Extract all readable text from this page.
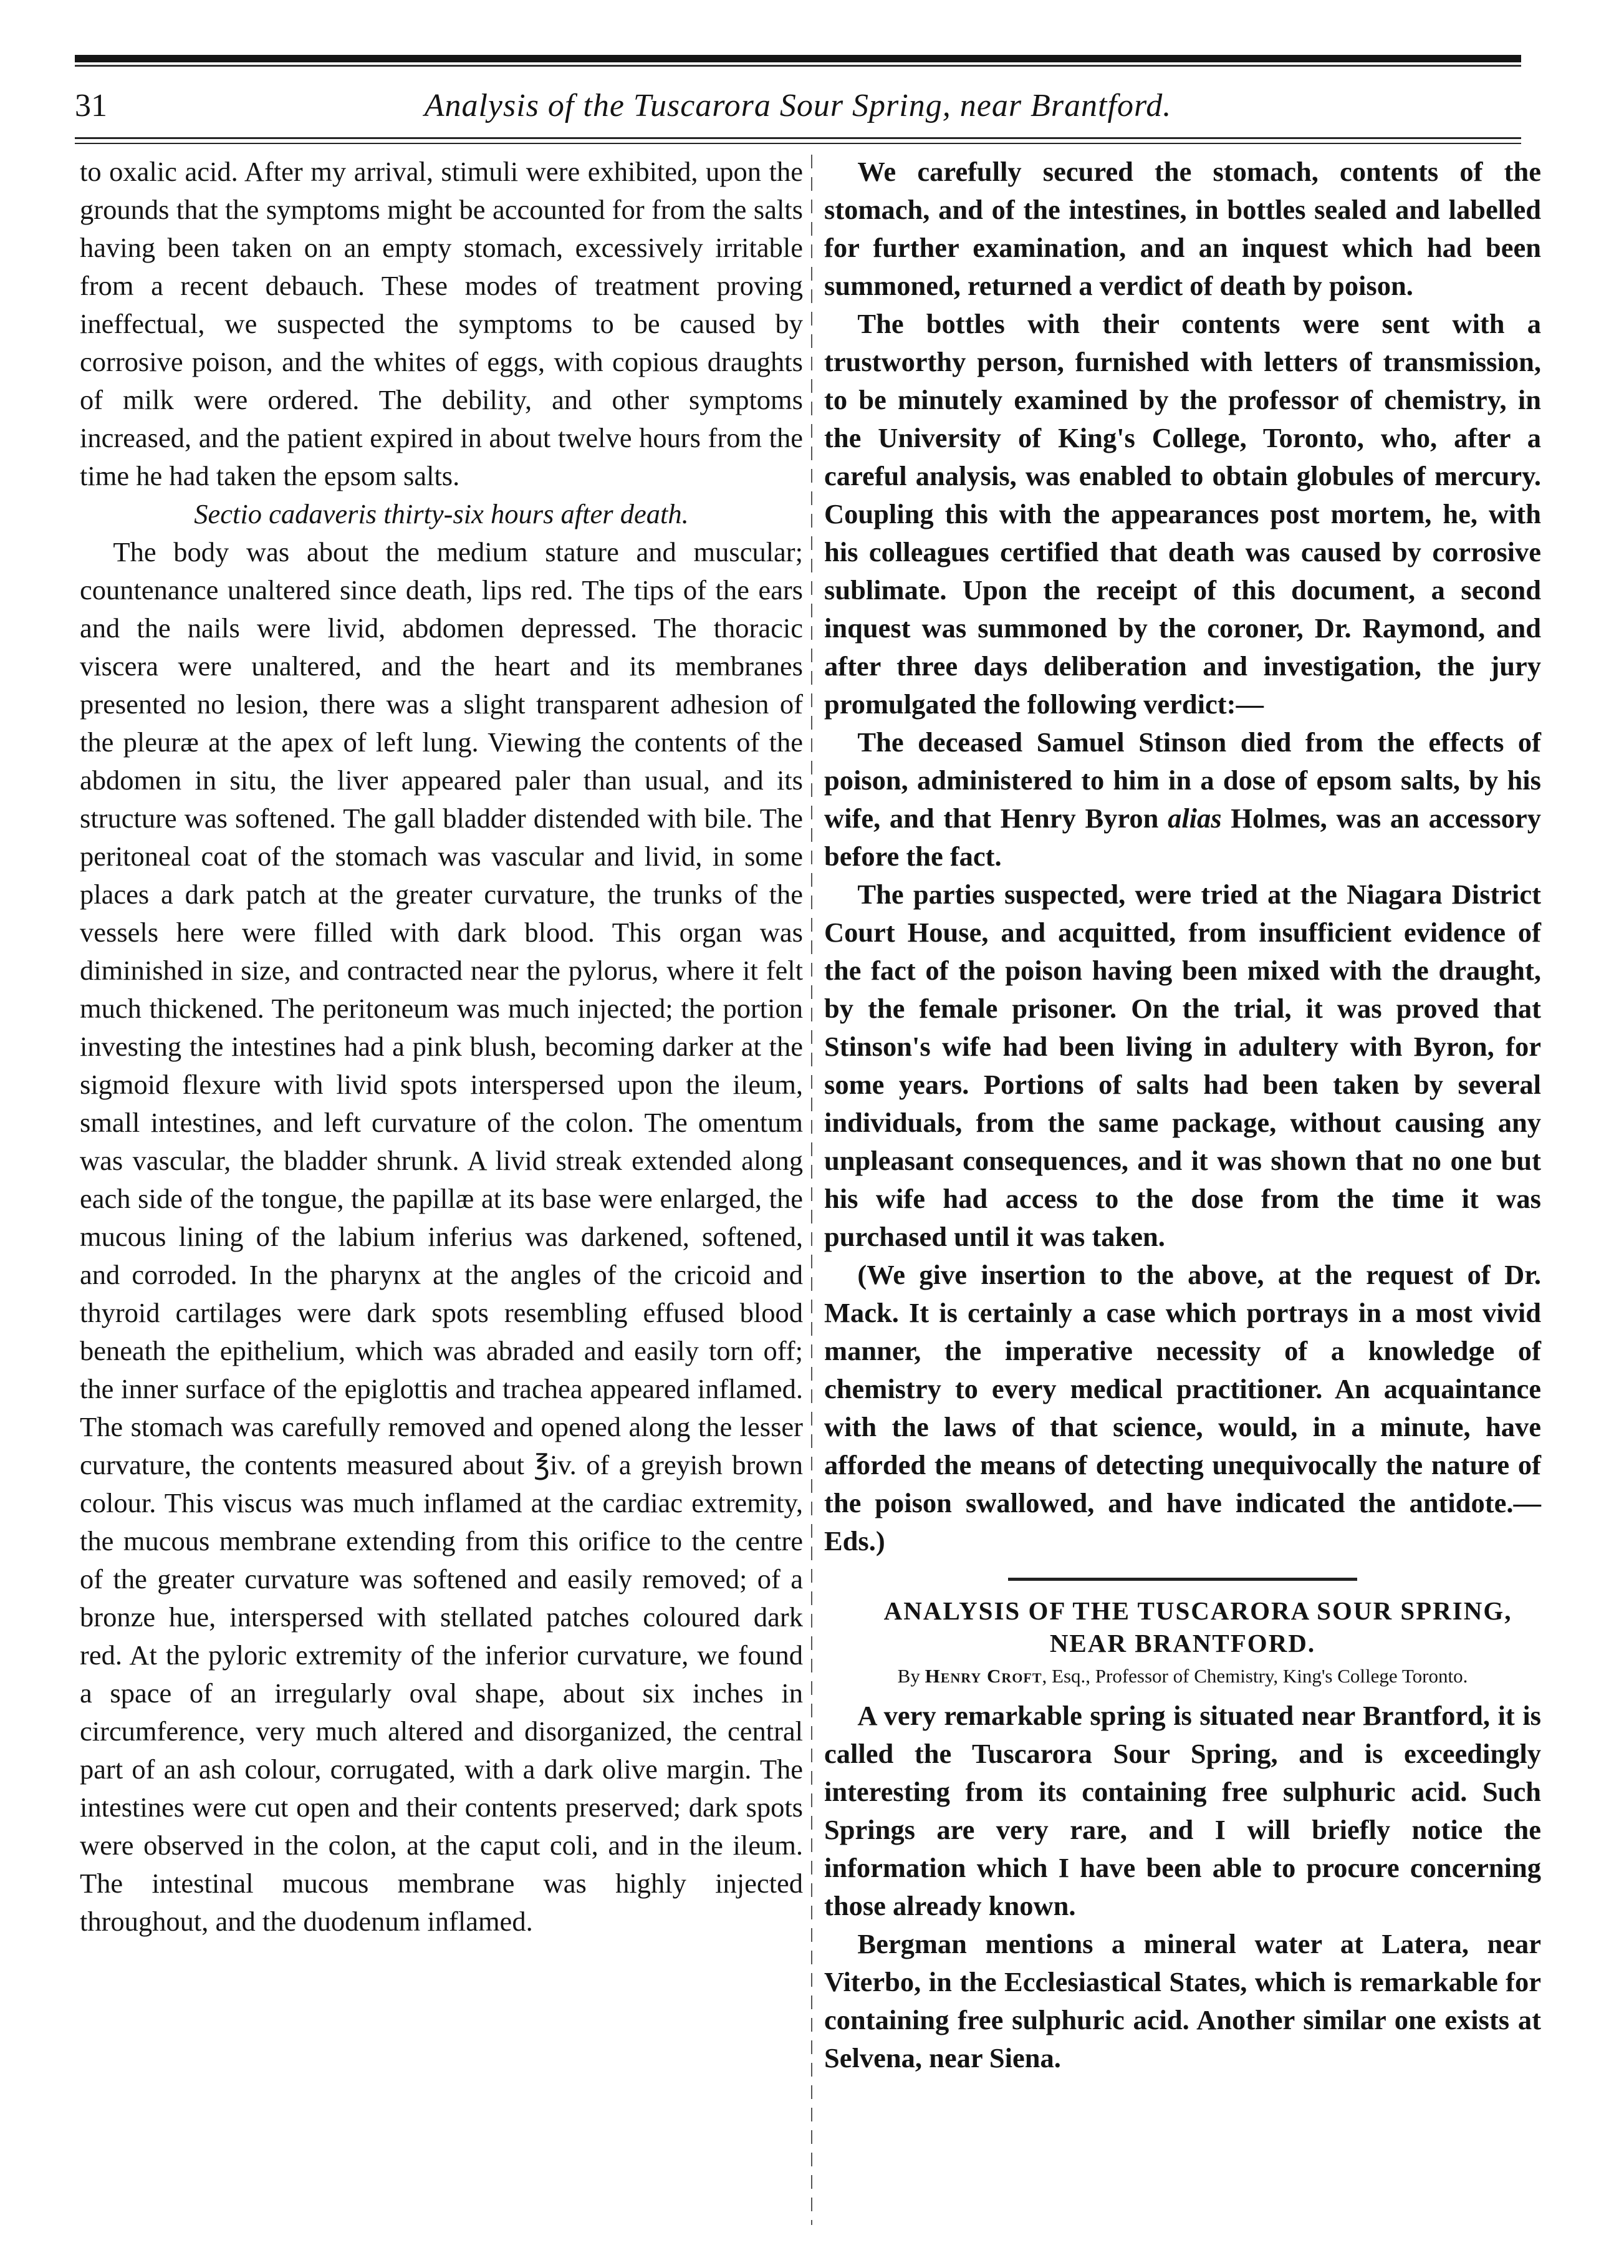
31	Analysis of the Tuscarora Sour Spring, near Brantford.

to oxalic acid. After my arrival, stimuli were exhibited, upon the grounds that the symptoms might be accounted for from the salts having been taken on an empty stomach, excessively irritable from a recent debauch. These modes of treatment proving ineffectual, we suspected the symptoms to be caused by corrosive poison, and the whites of eggs, with copious draughts of milk were ordered. The debility, and other symptoms increased, and the patient expired in about twelve hours from the time he had taken the epsom salts.

Sectio cadaveris thirty-six hours after death.

The body was about the medium stature and muscular; countenance unaltered since death, lips red. The tips of the ears and the nails were livid, abdomen depressed. The thoracic viscera were unaltered, and the heart and its membranes presented no lesion, there was a slight transparent adhesion of the pleuræ at the apex of left lung. Viewing the contents of the abdomen in situ, the liver appeared paler than usual, and its structure was softened. The gall bladder distended with bile. The peritoneal coat of the stomach was vascular and livid, in some places a dark patch at the greater curvature, the trunks of the vessels here were filled with dark blood. This organ was diminished in size, and contracted near the pylorus, where it felt much thickened. The peritoneum was much injected; the portion investing the intestines had a pink blush, becoming darker at the sigmoid flexure with livid spots interspersed upon the ileum, small intestines, and left curvature of the colon. The omentum was vascular, the bladder shrunk. A livid streak extended along each side of the tongue, the papillæ at its base were enlarged, the mucous lining of the labium inferius was darkened, softened, and corroded. In the pharynx at the angles of the cricoid and thyroid cartilages were dark spots resembling effused blood beneath the epithelium, which was abraded and easily torn off; the inner surface of the epiglottis and trachea appeared inflamed. The stomach was carefully removed and opened along the lesser curvature, the contents measured about ℥iv. of a greyish brown colour. This viscus was much inflamed at the cardiac extremity, the mucous membrane extending from this orifice to the centre of the greater curvature was softened and easily removed; of a bronze hue, interspersed with stellated patches coloured dark red. At the pyloric extremity of the inferior curvature, we found a space of an irregularly oval shape, about six inches in circumference, very much altered and disorganized, the central part of an ash colour, corrugated, with a dark olive margin. The intestines were cut open and their contents preserved; dark spots were observed in the colon, at the caput coli, and in the ileum. The intestinal mucous membrane was highly injected throughout, and the duodenum inflamed.

We carefully secured the stomach, contents of the stomach, and of the intestines, in bottles sealed and labelled for further examination, and an inquest which had been summoned, returned a verdict of death by poison.

The bottles with their contents were sent with a trustworthy person, furnished with letters of transmission, to be minutely examined by the professor of chemistry, in the University of King's College, Toronto, who, after a careful analysis, was enabled to obtain globules of mercury. Coupling this with the appearances post mortem, he, with his colleagues certified that death was caused by corrosive sublimate. Upon the receipt of this document, a second inquest was summoned by the coroner, Dr. Raymond, and after three days deliberation and investigation, the jury promulgated the following verdict:—

The deceased Samuel Stinson died from the effects of poison, administered to him in a dose of epsom salts, by his wife, and that Henry Byron alias Holmes, was an accessory before the fact.

The parties suspected, were tried at the Niagara District Court House, and acquitted, from insufficient evidence of the fact of the poison having been mixed with the draught, by the female prisoner. On the trial, it was proved that Stinson's wife had been living in adultery with Byron, for some years. Portions of salts had been taken by several individuals, from the same package, without causing any unpleasant consequences, and it was shown that no one but his wife had access to the dose from the time it was purchased until it was taken.

(We give insertion to the above, at the request of Dr. Mack. It is certainly a case which portrays in a most vivid manner, the imperative necessity of a knowledge of chemistry to every medical practitioner. An acquaintance with the laws of that science, would, in a minute, have afforded the means of detecting unequivocally the nature of the poison swallowed, and have indicated the antidote.—Eds.)

ANALYSIS OF THE TUSCARORA SOUR SPRING, NEAR BRANTFORD.

By Henry Croft, Esq., Professor of Chemistry, King's College Toronto.

A very remarkable spring is situated near Brantford, it is called the Tuscarora Sour Spring, and is exceedingly interesting from its containing free sulphuric acid. Such Springs are very rare, and I will briefly notice the information which I have been able to procure concerning those already known.

Bergman mentions a mineral water at Latera, near Viterbo, in the Ecclesiastical States, which is remarkable for containing free sulphuric acid. Another similar one exists at Selvena, near Siena.
